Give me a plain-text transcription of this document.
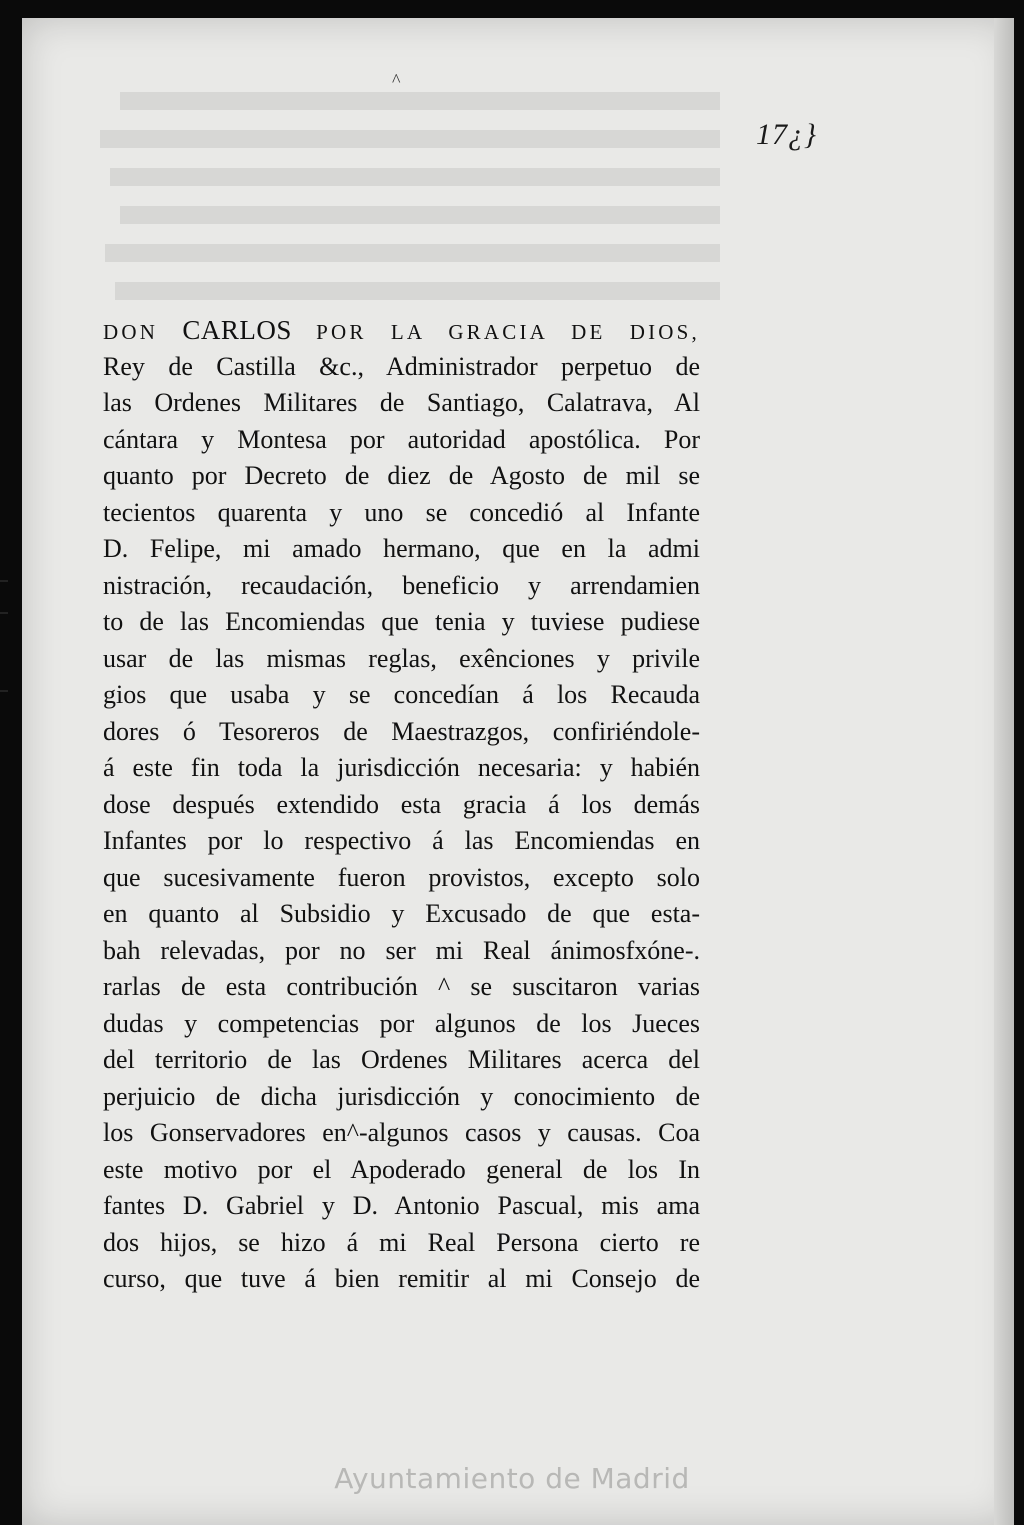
^
17¿}
DON CARLOS POR LA GRACIA DE DIOS,
Rey de Castilla &c., Administrador perpetuo de
las Ordenes Militares de Santiago, Calatrava, Al
cántara y Montesa por autoridad apostólica. Por
quanto por Decreto de diez de Agosto de mil se
tecientos quarenta y uno se concedió al Infante
D. Felipe, mi amado hermano, que en la admi
nistración, recaudación, beneficio y arrendamien
to de las Encomiendas que tenia y tuviese pudiese
usar de las mismas reglas, exênciones y privile
gios que usaba y se concedían á los Recauda
dores ó Tesoreros de Maestrazgos, confiriéndole-
á este fin toda la jurisdicción necesaria: y habién
dose después extendido esta gracia á los demás
Infantes por lo respectivo á las Encomiendas en
que sucesivamente fueron provistos, excepto solo
en quanto al Subsidio y Excusado de que esta-
bah relevadas, por no ser mi Real ánimosfxóne-.
rarlas de esta contribución ^ se suscitaron varias
dudas y competencias por algunos de los Jueces
del territorio de las Ordenes Militares acerca del
perjuicio de dicha jurisdicción y conocimiento de
los Gonservadores en^-algunos casos y causas. Coa
este motivo por el Apoderado general de los In
fantes D. Gabriel y D. Antonio Pascual, mis ama
dos hijos, se hizo á mi Real Persona cierto re
curso, que tuve á bien remitir al mi Consejo de
Ayuntamiento de Madrid
